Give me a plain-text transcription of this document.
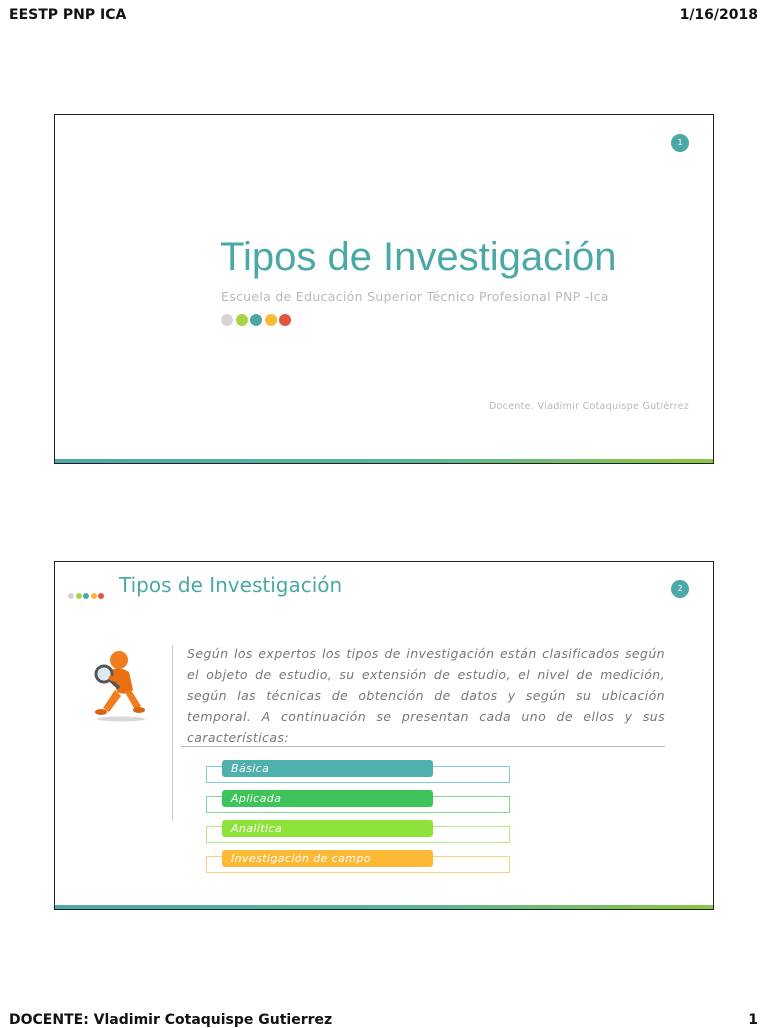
EESTP PNP ICA	1/16/2018
1
Tipos de Investigación
Escuela de Educación Superior Técnico Profesional PNP -Ica
Docente. Vladimir Cotaquispe Gutiérrez
Tipos de Investigación	2
Según los expertos los tipos de investigación están clasificados según el objeto de estudio, su extensión de estudio, el nivel de medición, según las técnicas de obtención de datos y según su ubicación temporal. A continuación se presentan cada uno de ellos y sus características:
Básica
Aplicada
Analítica
Investigación de campo
DOCENTE: Vladimir Cotaquispe Gutierrez	1
